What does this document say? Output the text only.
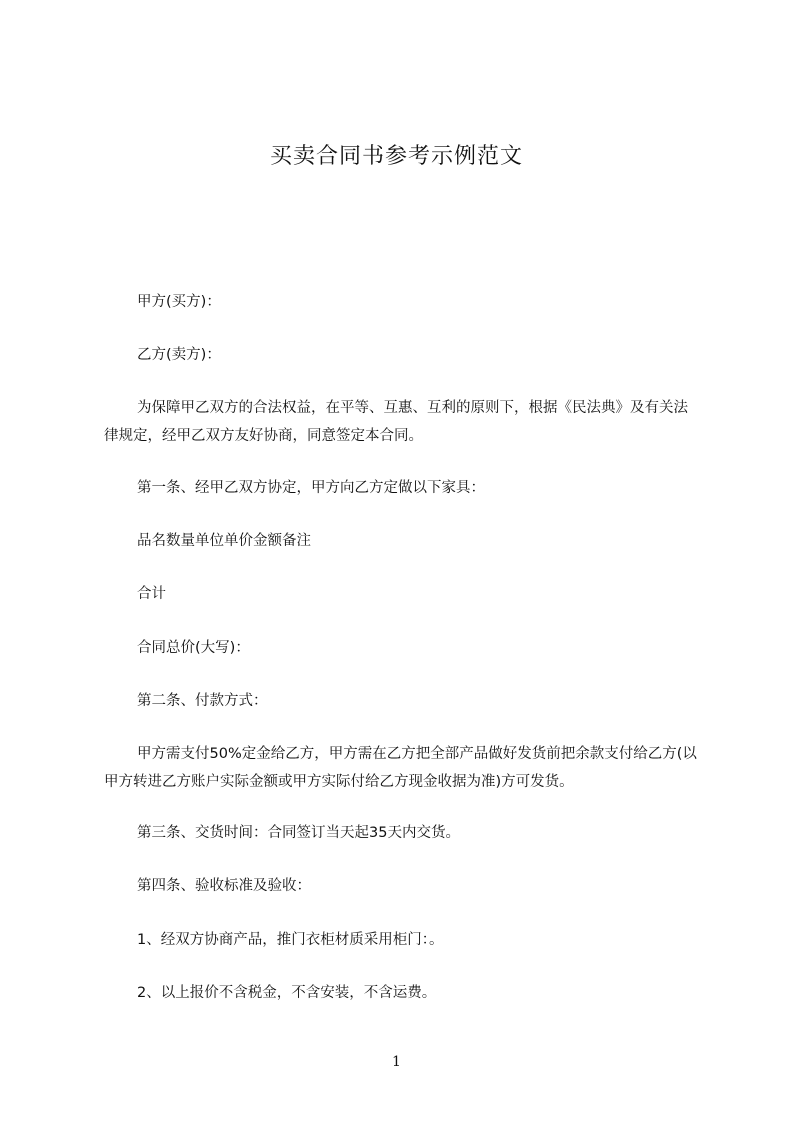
买卖合同书参考示例范文
甲方(买方)：
乙方(卖方)：
为保障甲乙双方的合法权益，在平等、互惠、互利的原则下，根据《民法典》及有关法律规定，经甲乙双方友好协商，同意签定本合同。
第一条、经甲乙双方协定，甲方向乙方定做以下家具：
品名数量单位单价金额备注
合计
合同总价(大写)：
第二条、付款方式：
甲方需支付50%定金给乙方，甲方需在乙方把全部产品做好发货前把余款支付给乙方(以甲方转进乙方账户实际金额或甲方实际付给乙方现金收据为准)方可发货。
第三条、交货时间：合同签订当天起35天内交货。
第四条、验收标准及验收：
1、经双方协商产品，推门衣柜材质采用柜门：。
2、以上报价不含税金，不含安装，不含运费。
1
